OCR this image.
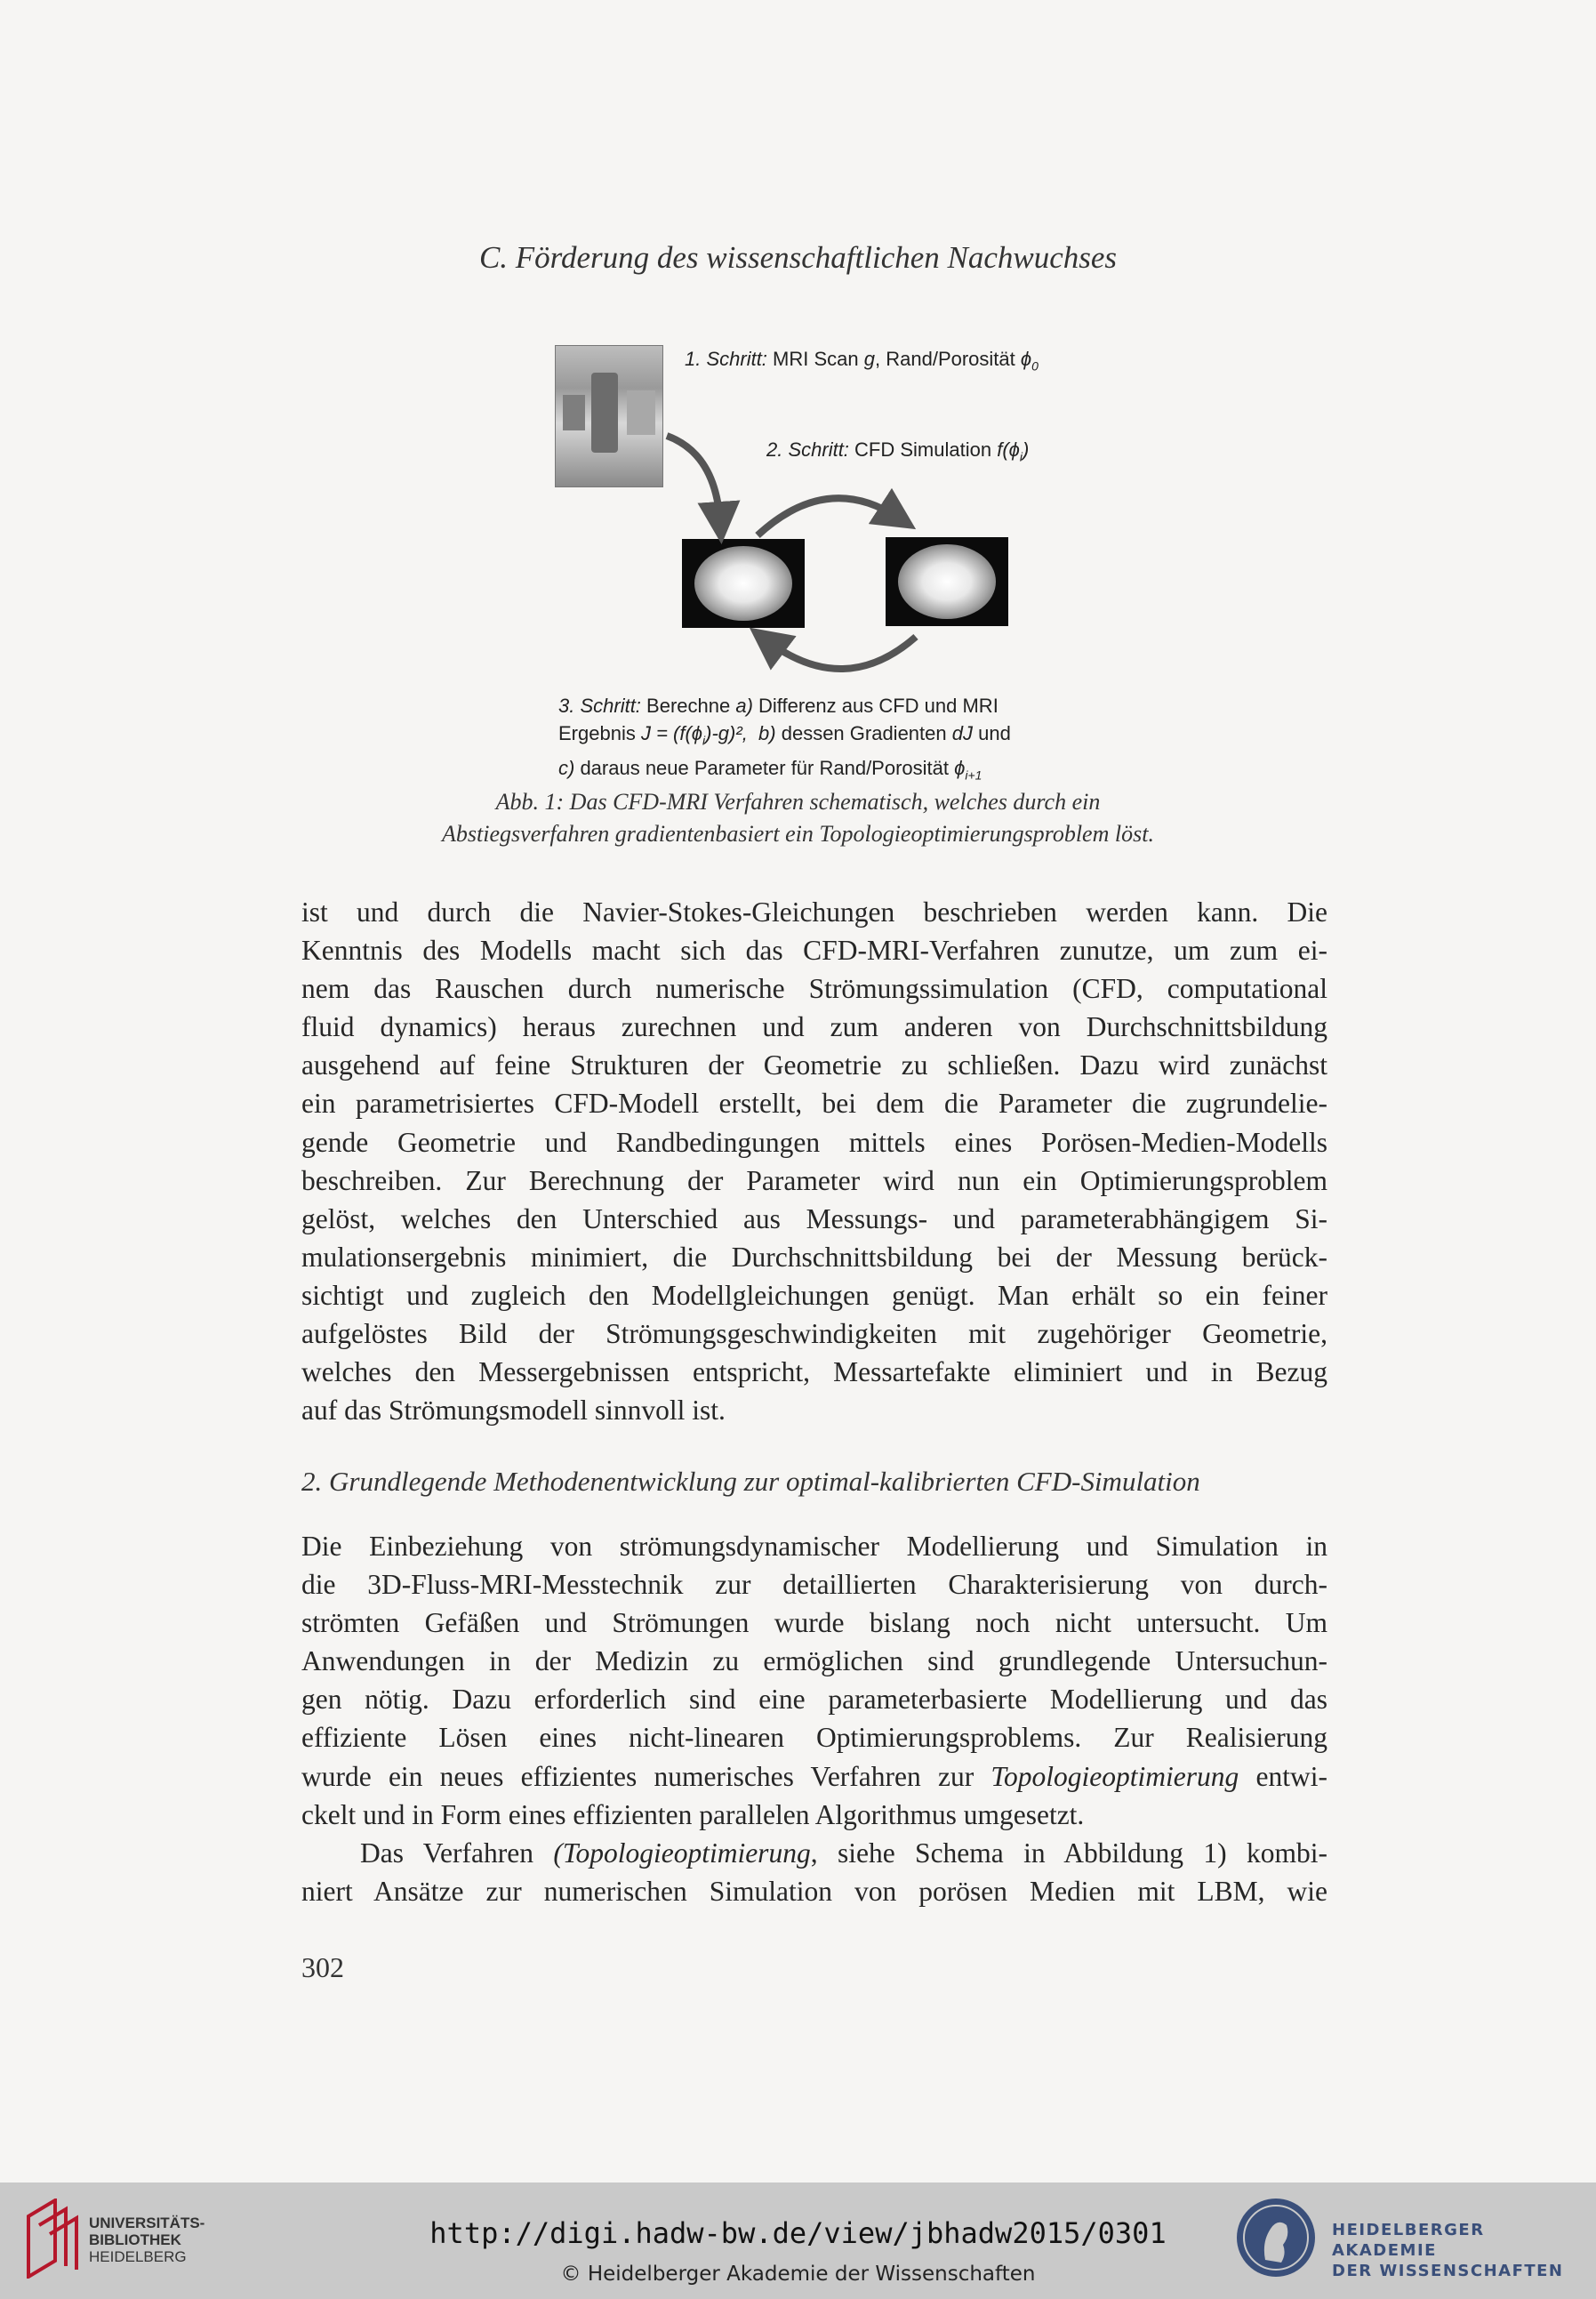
C. Förderung des wissenschaftlichen Nachwuchses
1. Schritt: MRI Scan g, Rand/Porosität $\phi_0$
2. Schritt: CFD Simulation $f(\phi_i)$
3. Schritt: Berechne a) Differenz aus CFD und MRI
Ergebnis $J = (f(\phi_i)-g)^2$, b) dessen Gradienten dJ und
c) daraus neue Parameter für Rand/Porosität $\phi_{i+1}$
Abb. 1: Das CFD-MRI Verfahren schematisch, welches durch ein
Abstiegsverfahren gradientenbasiert ein Topologieoptimierungsproblem löst.

ist und durch die Navier-Stokes-Gleichungen beschrieben werden kann. Die

Kenntnis des Modells macht sich das CFD-MRI-Verfahren zunutze, um zum ei-

nem das Rauschen durch numerische Strömungssimulation (CFD, computational

fluid dynamics) heraus zurechnen und zum anderen von Durchschnittsbildung

ausgehend auf feine Strukturen der Geometrie zu schließen. Dazu wird zunächst

ein parametrisiertes CFD-Modell erstellt, bei dem die Parameter die zugrundelie-

gende Geometrie und Randbedingungen mittels eines Porösen-Medien-Modells

beschreiben. Zur Berechnung der Parameter wird nun ein Optimierungsproblem

gelöst, welches den Unterschied aus Messungs- und parameterabhängigem Si-

mulationsergebnis minimiert, die Durchschnittsbildung bei der Messung berück-

sichtigt und zugleich den Modellgleichungen genügt. Man erhält so ein feiner

aufgelöstes Bild der Strömungsgeschwindigkeiten mit zugehöriger Geometrie,

welches den Messergebnissen entspricht, Messartefakte eliminiert und in Bezug

auf das Strömungsmodell sinnvoll ist.

2. Grundlegende Methodenentwicklung zur optimal-kalibrierten CFD-Simulation

Die Einbeziehung von strömungsdynamischer Modellierung und Simulation in

die 3D-Fluss-MRI-Messtechnik zur detaillierten Charakterisierung von durch-

strömten Gefäßen und Strömungen wurde bislang noch nicht untersucht. Um

Anwendungen in der Medizin zu ermöglichen sind grundlegende Untersuchun-

gen nötig. Dazu erforderlich sind eine parameterbasierte Modellierung und das

effiziente Lösen eines nicht-linearen Optimierungsproblems. Zur Realisierung

wurde ein neues effizientes numerisches Verfahren zur Topologieoptimierung entwi-

ckelt und in Form eines effizienten parallelen Algorithmus umgesetzt.

Das Verfahren (Topologieoptimierung, siehe Schema in Abbildung 1) kombi-

niert Ansätze zur numerischen Simulation von porösen Medien mit LBM, wie

302
UNIVERSITÄTS-
BIBLIOTHEK
HEIDELBERG
http://digi.hadw-bw.de/view/jbhadw2015/0301
© Heidelberger Akademie der Wissenschaften
HEIDELBERGER AKADEMIE
DER WISSENSCHAFTEN
